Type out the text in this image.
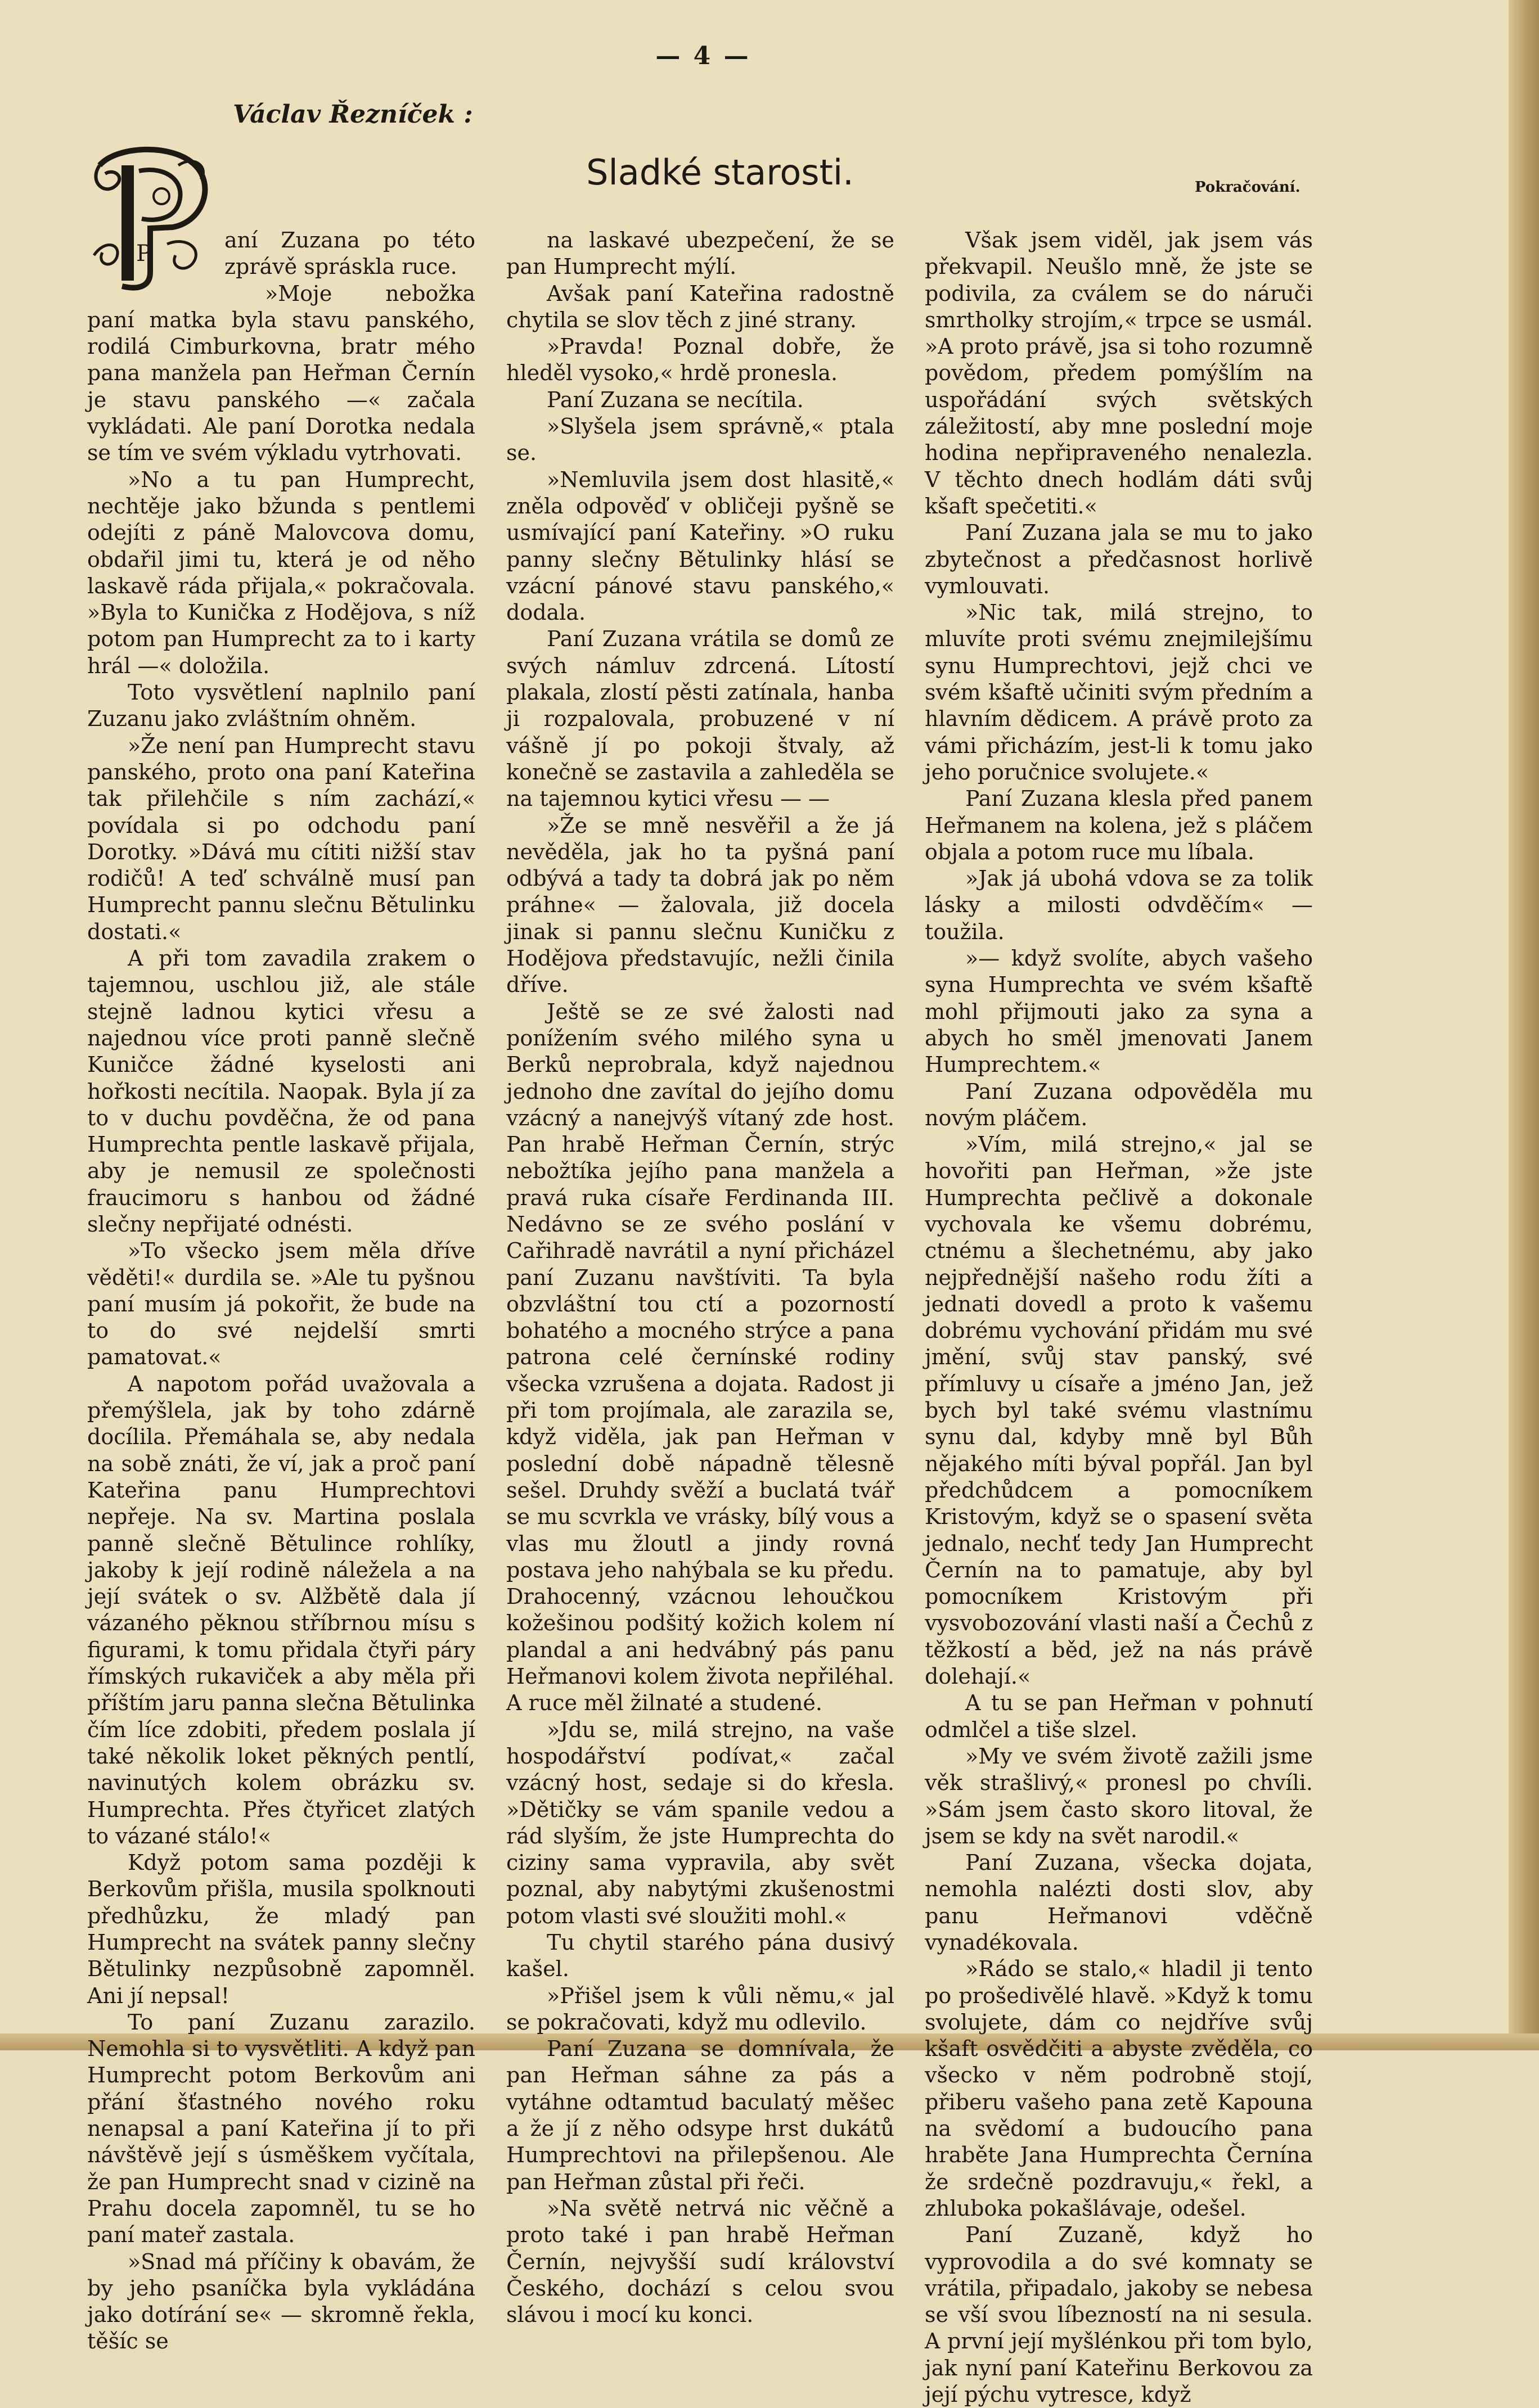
— 4 —
Václav Řezníček :
Sladké starosti.	Pokračování.
P

aní Zuzana po této zprávě spráskla ruce.

»Moje nebožka paní matka byla stavu panského, rodilá Cimburkovna, bratr mého pana manžela pan Heřman Černín je stavu panského —« začala vykládati. Ale paní Dorotka nedala se tím ve svém výkladu vytrhovati.

»No a tu pan Humprecht, nechtěje jako bžunda s pentlemi odejíti z páně Malovcova domu, obdařil jimi tu, která je od něho laskavě ráda přijala,« pokračovala. »Byla to Kunička z Hodějova, s níž potom pan Humprecht za to i karty hrál —« doložila.

Toto vysvětlení naplnilo paní Zuzanu jako zvláštním ohněm.

»Že není pan Humprecht stavu panského, proto ona paní Kateřina tak přilehčile s ním zachází,« povídala si po odchodu paní Dorotky. »Dává mu cítiti nižší stav rodičů! A teď schválně musí pan Humprecht pannu slečnu Bětulinku dostati.«

A při tom zavadila zrakem o tajemnou, uschlou již, ale stále stejně ladnou kytici vřesu a najednou více proti panně slečně Kuničce žádné kyselosti ani hořkosti necítila. Naopak. Byla jí za to v duchu povděčna, že od pana Humprechta pentle laskavě přijala, aby je nemusil ze společnosti fraucimoru s hanbou od žádné slečny nepřijaté odnésti.

»To všecko jsem měla dříve věděti!« durdila se. »Ale tu pyšnou paní musím já pokořit, že bude na to do své nejdelší smrti pamatovat.«

A napotom pořád uvažovala a přemýšlela, jak by toho zdárně docílila. Přemáhala se, aby nedala na sobě znáti, že ví, jak a proč paní Kateřina panu Humprechtovi nepřeje. Na sv. Martina poslala panně slečně Bětulince rohlíky, jakoby k její rodině náležela a na její svátek o sv. Alžbětě dala jí vázaného pěknou stříbrnou mísu s figurami, k tomu přidala čtyři páry římských rukaviček a aby měla při příštím jaru panna slečna Bětulinka čím líce zdobiti, předem poslala jí také několik loket pěkných pentlí, navinutých kolem obrázku sv. Humprechta. Přes čtyřicet zlatých to vázané stálo!«

Když potom sama později k Berkovům přišla, musila spolknouti předhůzku, že mladý pan Humprecht na svátek panny slečny Bětulinky nezpůsobně zapomněl. Ani jí nepsal!

To paní Zuzanu zarazilo. Nemohla si to vysvětliti. A když pan Humprecht potom Berkovům ani přání šťastného nového roku nenapsal a paní Kateřina jí to při návštěvě její s úsměškem vyčítala, že pan Humprecht snad v cizině na Prahu docela zapomněl, tu se ho paní mateř zastala.

»Snad má příčiny k obavám, že by jeho psaníčka byla vykládána jako dotírání se« — skromně řekla, těšíc se

na laskavé ubezpečení, že se pan Humprecht mýlí.

Avšak paní Kateřina radostně chytila se slov těch z jiné strany.

»Pravda! Poznal dobře, že hleděl vysoko,« hrdě pronesla.

Paní Zuzana se necítila.

»Slyšela jsem správně,« ptala se.

»Nemluvila jsem dost hlasitě,« zněla odpověď v obličeji pyšně se usmívající paní Kateřiny. »O ruku panny slečny Bětulinky hlásí se vzácní pánové stavu panského,« dodala.

Paní Zuzana vrátila se domů ze svých námluv zdrcená. Lítostí plakala, zlostí pěsti zatínala, hanba ji rozpalovala, probuzené v ní vášně jí po pokoji štvaly, až konečně se zastavila a zahleděla se na tajemnou kytici vřesu — —

»Že se mně nesvěřil a že já nevěděla, jak ho ta pyšná paní odbývá a tady ta dobrá jak po něm práhne« — žalovala, již docela jinak si pannu slečnu Kuničku z Hodějova představujíc, nežli činila dříve.

Ještě se ze své žalosti nad ponížením svého milého syna u Berků neprobrala, když najednou jednoho dne zavítal do jejího domu vzácný a nanejvýš vítaný zde host. Pan hrabě Heřman Černín, strýc nebožtíka jejího pana manžela a pravá ruka císaře Ferdinanda III. Nedávno se ze svého poslání v Cařihradě navrátil a nyní přicházel paní Zuzanu navštíviti. Ta byla obzvláštní tou ctí a pozorností bohatého a mocného strýce a pana patrona celé černínské rodiny všecka vzrušena a dojata. Radost ji při tom projímala, ale zarazila se, když viděla, jak pan Heřman v poslední době nápadně tělesně sešel. Druhdy svěží a buclatá tvář se mu scvrkla ve vrásky, bílý vous a vlas mu žloutl a jindy rovná postava jeho nahýbala se ku předu. Drahocenný, vzácnou lehoučkou kožešinou podšitý kožich kolem ní plandal a ani hedvábný pás panu Heřmanovi kolem života nepřiléhal. A ruce měl žilnaté a studené.

»Jdu se, milá strejno, na vaše hospodářství podívat,« začal vzácný host, sedaje si do křesla. »Dětičky se vám spanile vedou a rád slyším, že jste Humprechta do ciziny sama vypravila, aby svět poznal, aby nabytými zkušenostmi potom vlasti své sloužiti mohl.«

Tu chytil starého pána dusivý kašel.

»Přišel jsem k vůli němu,« jal se pokračovati, když mu odlevilo.

Paní Zuzana se domnívala, že pan Heřman sáhne za pás a vytáhne odtamtud baculatý měšec a že jí z něho odsype hrst dukátů Humprechtovi na přilepšenou. Ale pan Heřman zůstal při řeči.

»Na světě netrvá nic věčně a proto také i pan hrabě Heřman Černín, nejvyšší sudí království Českého, dochází s celou svou slávou i mocí ku konci.

Však jsem viděl, jak jsem vás překvapil. Neušlo mně, že jste se podivila, za cválem se do náruči smrtholky strojím,« trpce se usmál. »A proto právě, jsa si toho rozumně povědom, předem pomýšlím na uspořádání svých světských záležitostí, aby mne poslední moje hodina nepřipraveného nenalezla. V těchto dnech hodlám dáti svůj kšaft spečetiti.«

Paní Zuzana jala se mu to jako zbytečnost a předčasnost horlivě vymlouvati.

»Nic tak, milá strejno, to mluvíte proti svému znejmilejšímu synu Humprechtovi, jejž chci ve svém kšaftě učiniti svým předním a hlavním dědicem. A právě proto za vámi přicházím, jest-li k tomu jako jeho poručnice svolujete.«

Paní Zuzana klesla před panem Heřmanem na kolena, jež s pláčem objala a potom ruce mu líbala.

»Jak já ubohá vdova se za tolik lásky a milosti odvděčím« — toužila.

»— když svolíte, abych vašeho syna Humprechta ve svém kšaftě mohl přijmouti jako za syna a abych ho směl jmenovati Janem Humprechtem.«

Paní Zuzana odpověděla mu novým pláčem.

»Vím, milá strejno,« jal se hovořiti pan Heřman, »že jste Humprechta pečlivě a dokonale vychovala ke všemu dobrému, ctnému a šlechetnému, aby jako nejpřednější našeho rodu žíti a jednati dovedl a proto k vašemu dobrému vychování přidám mu své jmění, svůj stav panský, své přímluvy u císaře a jméno Jan, jež bych byl také svému vlastnímu synu dal, kdyby mně byl Bůh nějakého míti býval popřál. Jan byl předchůdcem a pomocníkem Kristovým, když se o spasení světa jednalo, nechť tedy Jan Humprecht Černín na to pamatuje, aby byl pomocníkem Kristovým při vysvobozování vlasti naší a Čechů z těžkostí a běd, jež na nás právě dolehají.«

A tu se pan Heřman v pohnutí odmlčel a tiše slzel.

»My ve svém životě zažili jsme věk strašlivý,« pronesl po chvíli. »Sám jsem často skoro litoval, že jsem se kdy na svět narodil.«

Paní Zuzana, všecka dojata, nemohla nalézti dosti slov, aby panu Heřmanovi vděčně vynadékovala.

»Rádo se stalo,« hladil ji tento po prošedivělé hlavě. »Když k tomu svolujete, dám co nejdříve svůj kšaft osvědčiti a abyste zvěděla, co všecko v něm podrobně stojí, přiberu vašeho pana zetě Kapouna na svědomí a budoucího pana hraběte Jana Humprechta Černína že srdečně pozdravuju,« řekl, a zhluboka pokašlávaje, odešel.

Paní Zuzaně, když ho vyprovodila a do své komnaty se vrátila, připadalo, jakoby se nebesa se vší svou líbezností na ni sesula. A první její myšlénkou při tom bylo, jak nyní paní Kateřinu Berkovou za její pýchu vytresce, když
